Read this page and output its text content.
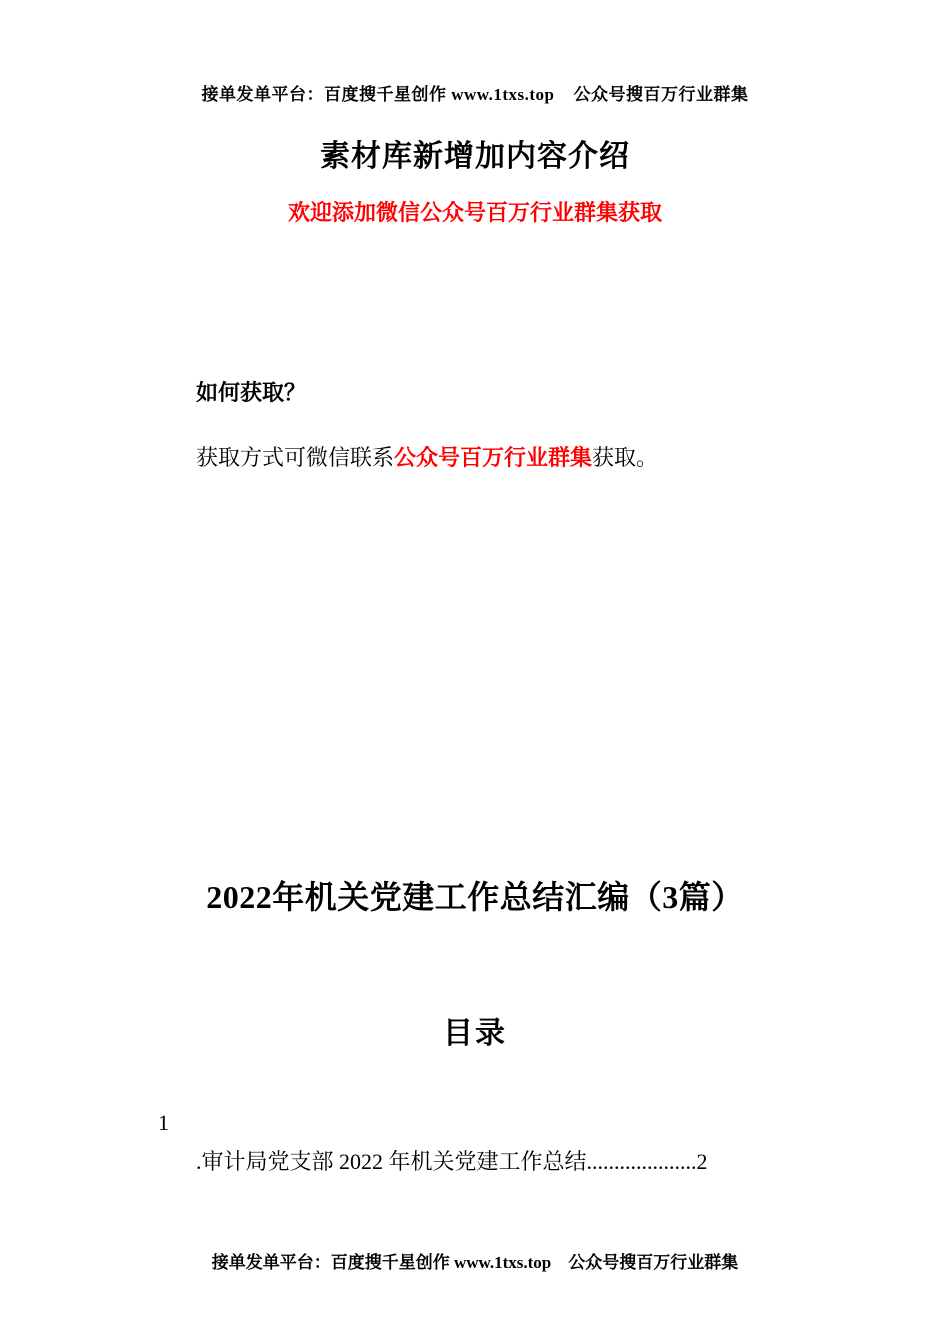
接单发单平台：百度搜千星创作 www.1txs.top    公众号搜百万行业群集
素材库新增加内容介绍
欢迎添加微信公众号百万行业群集获取
如何获取？
获取方式可微信联系公众号百万行业群集获取。
2022年机关党建工作总结汇编（3篇）
目录
1
.审计局党支部 2022 年机关党建工作总结....................2
接单发单平台：百度搜千星创作 www.1txs.top    公众号搜百万行业群集
